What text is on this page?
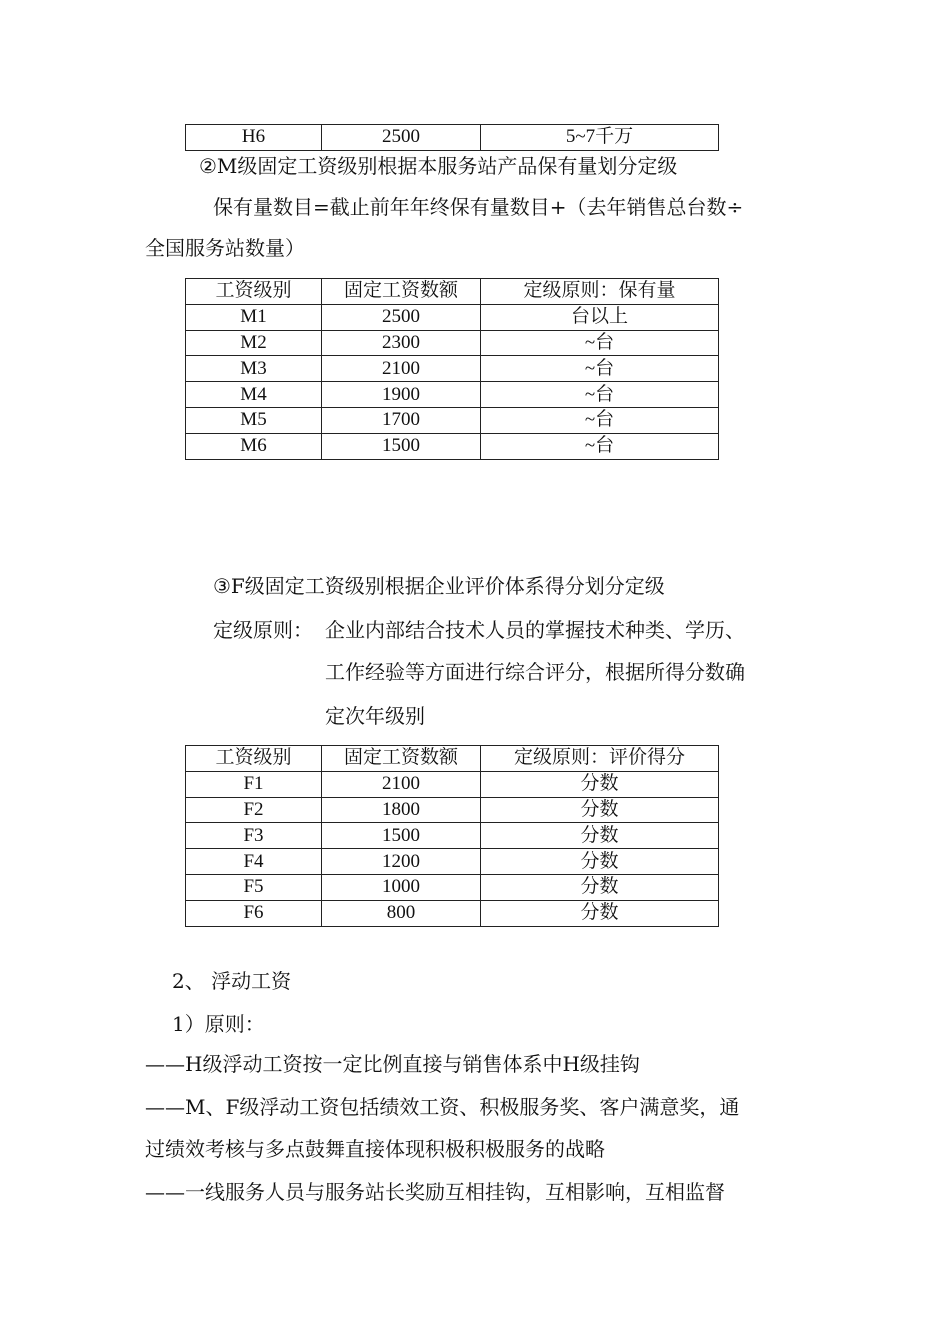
H6	2500	5~7千万
②M级固定工资级别根据本服务站产品保有量划分定级
保有量数目=截止前年年终保有量数目+（去年销售总台数÷
全国服务站数量）
工资级别	固定工资数额	定级原则：保有量
M1	2500	台以上
M2	2300	~台
M3	2100	~台
M4	1900	~台
M5	1700	~台
M6	1500	~台
③F级固定工资级别根据企业评价体系得分划分定级
定级原则： 企业内部结合技术人员的掌握技术种类、学历、
工作经验等方面进行综合评分，根据所得分数确
定次年级别
工资级别	固定工资数额	定级原则：评价得分
F1	2100	分数
F2	1800	分数
F3	1500	分数
F4	1200	分数
F5	1000	分数
F6	800	分数
2、 浮动工资
1）原则：
——H级浮动工资按一定比例直接与销售体系中H级挂钩
——M、F级浮动工资包括绩效工资、积极服务奖、客户满意奖，通
过绩效考核与多点鼓舞直接体现积极积极服务的战略
——一线服务人员与服务站长奖励互相挂钩，互相影响，互相监督
